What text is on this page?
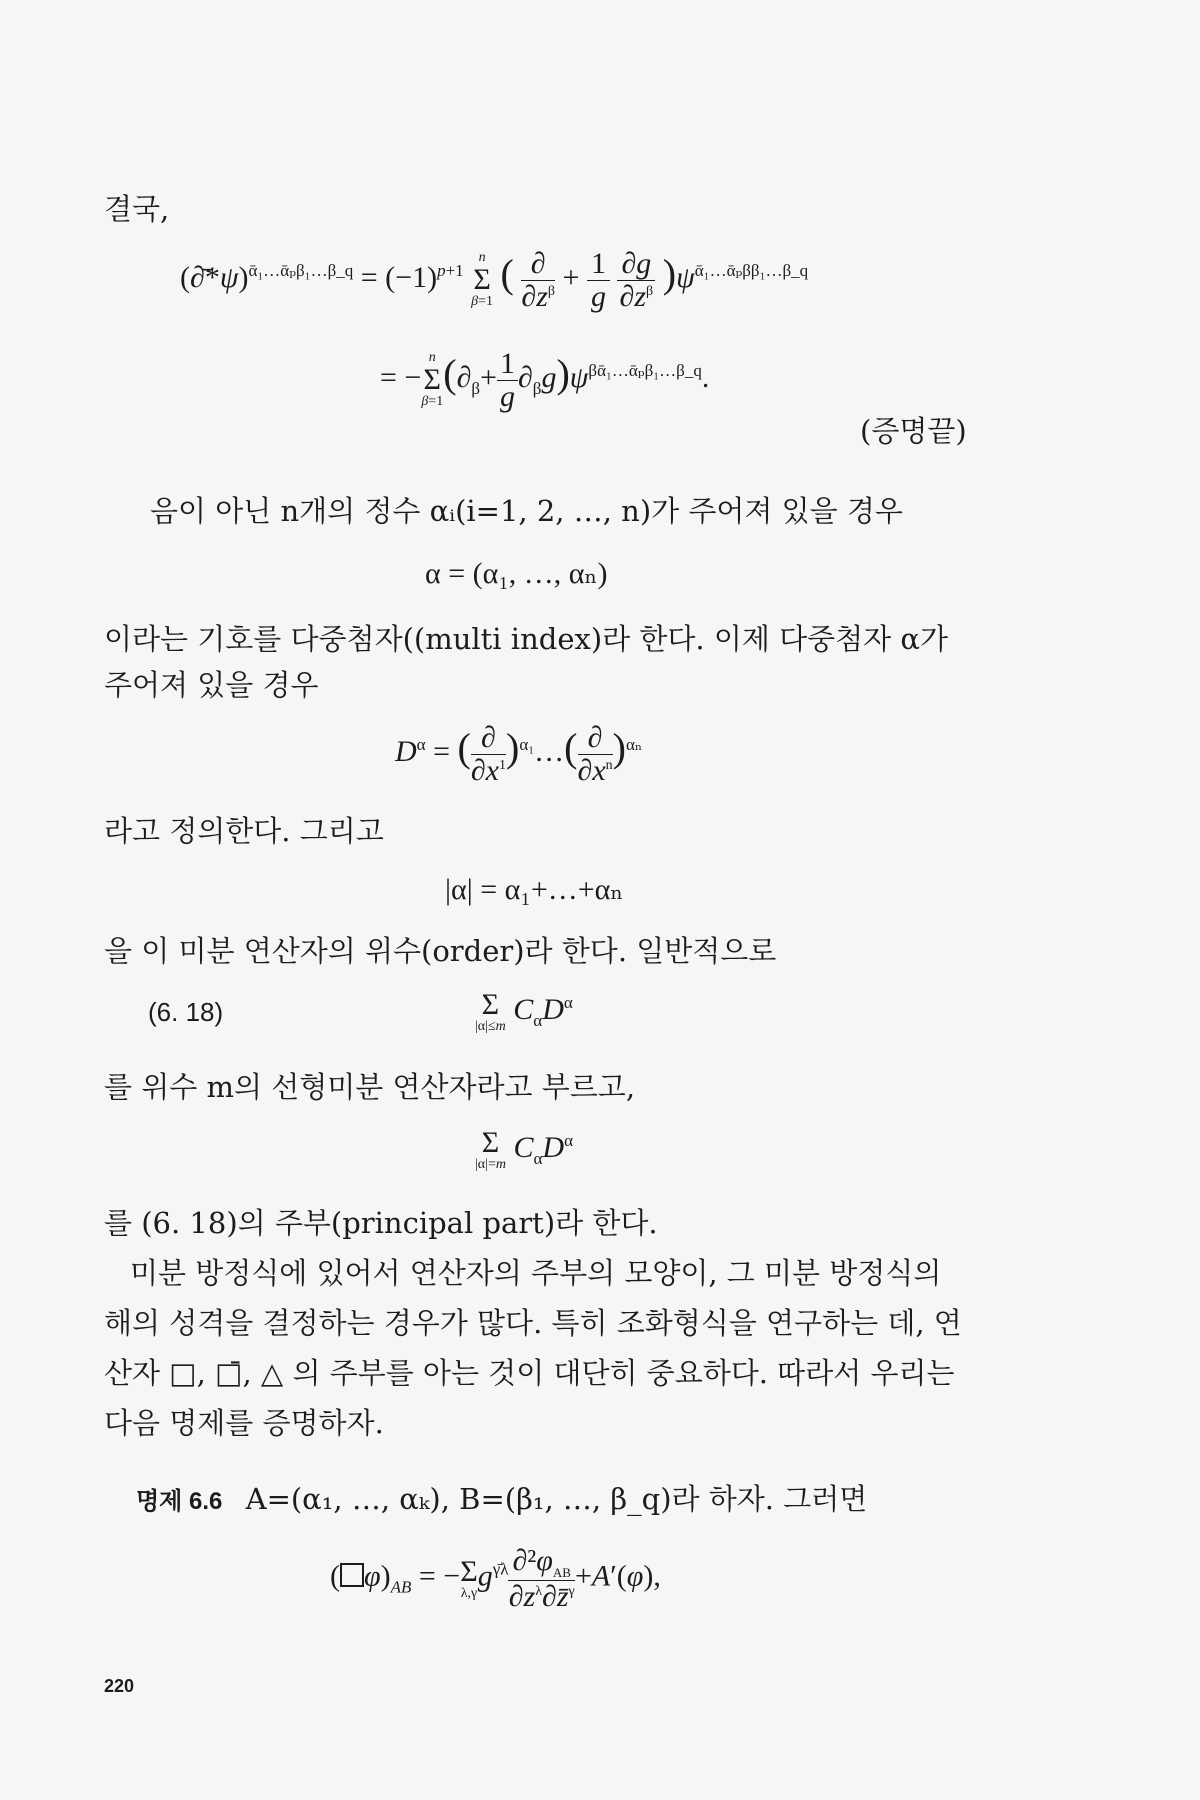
결국,
(∂̄*ψ)$^{ᾱ_1\dots ᾱ_p\beta_1\dots\beta\_q}$ = $(-1)^{p+1}$
n
Σ
β=1
( ∂
$\partial z^\beta + \frac{1}{g}$
$\frac{\partial g}{\partial z^\beta} )\psi^{ᾱ_1\dots ᾱ_p\beta\beta_1\dots\beta\_q}$
= −
n
Σ
β=1
$(\partial_\beta+ \frac{1}{g} \partial_\beta g)\psi^{\beta ᾱ_1\dots ᾱ_p\beta_1\dots\beta\_q}$.
(증명끝)
음이 아닌 n개의 정수 αᵢ(i=1, 2, …, n)가 주어져 있을 경우
α = (α₁, …, αₙ)
이라는 기호를 다중첨자((multi index)라 한다. 이제 다중첨자 α가
주어져 있을 경우
$D^\alpha$ = ( ∂
$\partial x^1$ )$^{\alpha_1}$…( ∂
$\partial x^n$ )$^{\alpha_n}$
라고 정의한다. 그리고
|α| = α₁+…+αₙ
을 이 미분 연산자의 위수(order)라 한다. 일반적으로
(6. 18)	Σ
|α|≤m
$C_\alpha D^\alpha$
를 위수 m의 선형미분 연산자라고 부르고,
Σ
|α|=m
$C_\alpha D^\alpha$
를 (6. 18)의 주부(principal part)라 한다.
미분 방정식에 있어서 연산자의 주부의 모양이, 그 미분 방정식의
해의 성격을 결정하는 경우가 많다. 특히 조화형식을 연구하는 데, 연
산자 □, □̄, △ 의 주부를 아는 것이 대단히 중요하다. 따라서 우리는
다음 명제를 증명하자.
명제 6.6 A=(α₁, …, αₖ), B=(β₁, …, β_q)라 하자. 그러면
( $\varphi)_{AB} = -\Sigma$
λ,γ
$g^{\gammā\lambda}$ $\partial^2\varphi_{AB}$
$\partial z^\lambda\partial z̄^\gamma +A'(\varphi)$,
220
